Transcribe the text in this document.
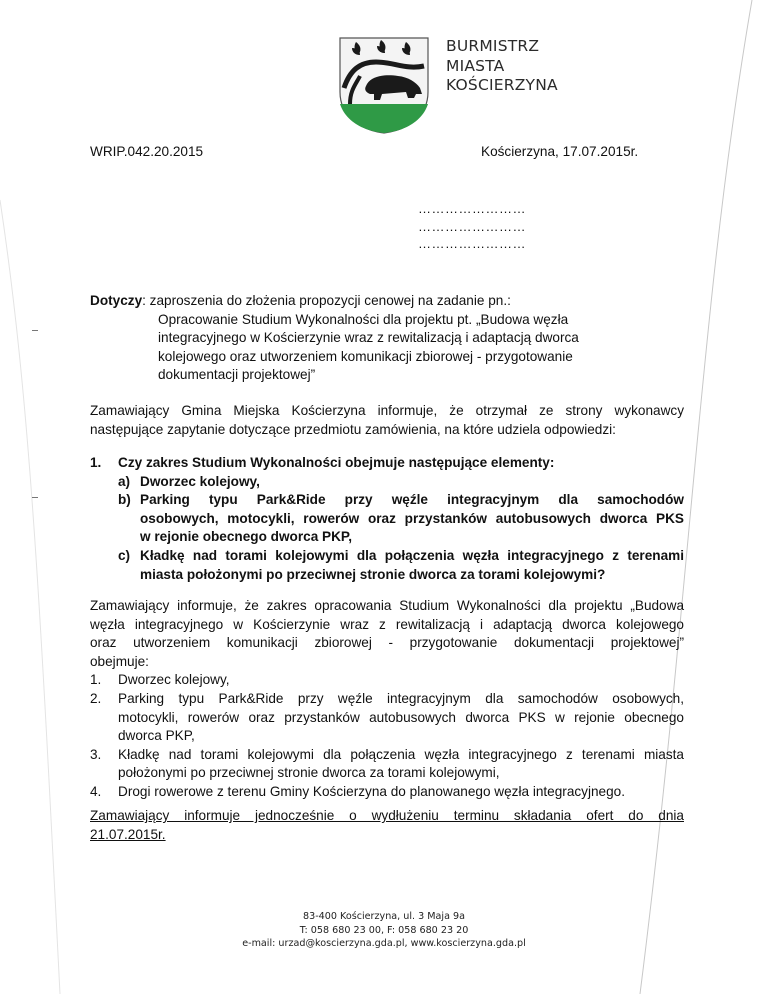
BURMISTRZ
MIASTA
KOŚCIERZYNA
WRIP.042.20.2015	Kościerzyna, 17.07.2015r.
……………………
……………………
……………………
Dotyczy: zaproszenia do złożenia propozycji cenowej na zadanie pn.:
Opracowanie Studium Wykonalności dla projektu pt. „Budowa węzła
integracyjnego w Kościerzynie wraz z rewitalizacją i adaptacją dworca
kolejowego oraz utworzeniem komunikacji zbiorowej - przygotowanie
dokumentacji projektowej”
Zamawiający Gmina Miejska Kościerzyna informuje, że otrzymał ze strony wykonawcy następujące zapytanie dotyczące przedmiotu zamówienia, na które udziela odpowiedzi:
1.	Czy zakres Studium Wykonalności obejmuje następujące elementy:
a) Dworzec kolejowy,
b) Parking typu Park&Ride przy węźle integracyjnym dla samochodów
osobowych, motocykli, rowerów oraz przystanków autobusowych dworca PKS
w rejonie obecnego dworca PKP,
c) Kładkę nad torami kolejowymi dla połączenia węzła integracyjnego z terenami
miasta położonymi po przeciwnej stronie dworca za torami kolejowymi?
Zamawiający informuje, że zakres opracowania Studium Wykonalności dla projektu „Budowa
węzła integracyjnego w Kościerzynie wraz z rewitalizacją i adaptacją dworca kolejowego
oraz utworzeniem komunikacji zbiorowej - przygotowanie dokumentacji projektowej”
obejmuje:
1.	Dworzec kolejowy,
2.	Parking typu Park&Ride przy węźle integracyjnym dla samochodów osobowych,
motocykli, rowerów oraz przystanków autobusowych dworca PKS w rejonie obecnego
dworca PKP,
3.	Kładkę nad torami kolejowymi dla połączenia węzła integracyjnego z terenami miasta
położonymi po przeciwnej stronie dworca za torami kolejowymi,
4.	Drogi rowerowe z terenu Gminy Kościerzyna do planowanego węzła integracyjnego.
Zamawiający informuje jednocześnie o wydłużeniu terminu składania ofert do dnia
21.07.2015r.
83-400 Kościerzyna, ul. 3 Maja 9a
T: 058 680 23 00, F: 058 680 23 20
e-mail: urzad@koscierzyna.gda.pl, www.koscierzyna.gda.pl
